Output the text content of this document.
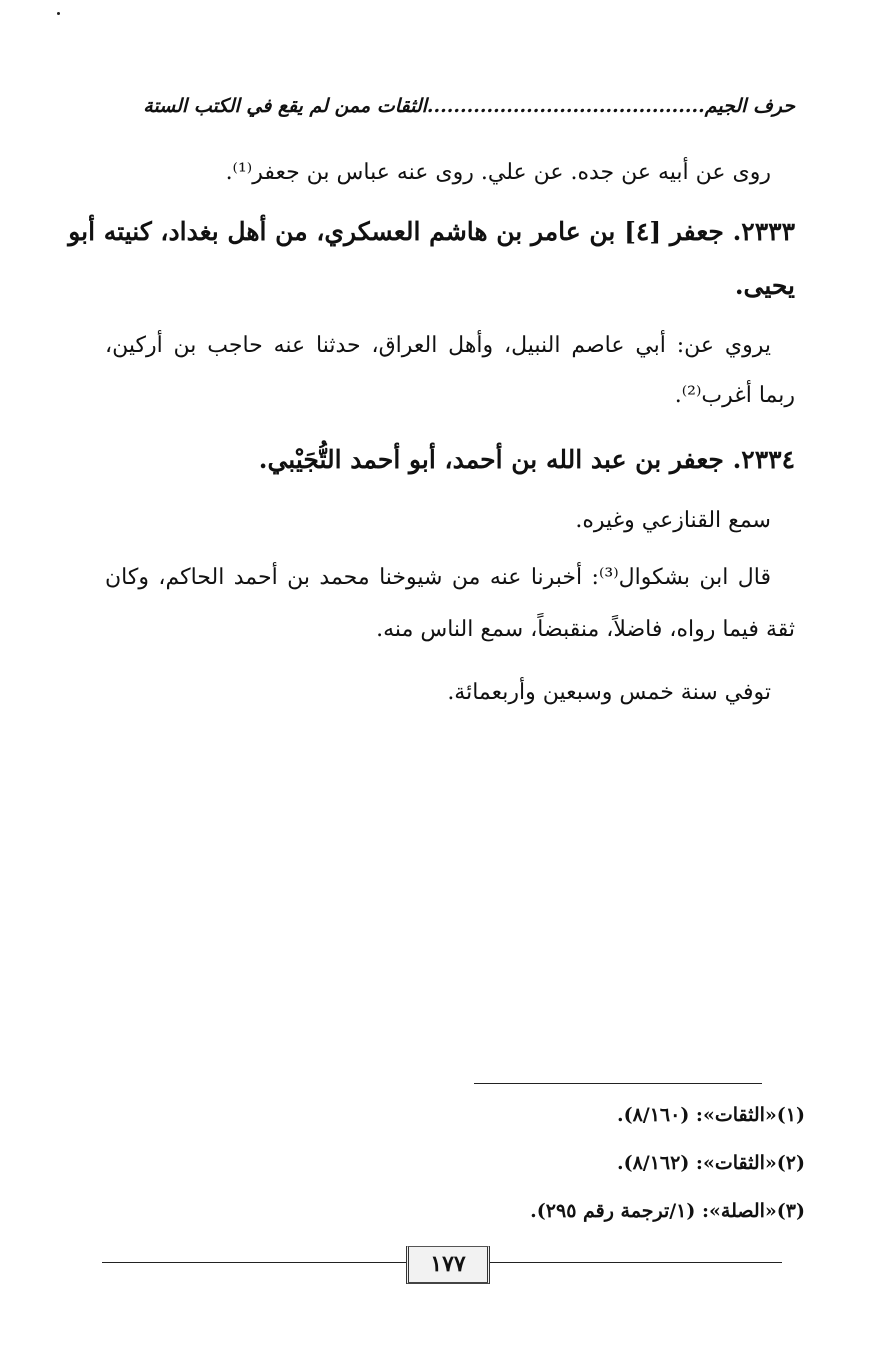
حرف الجيم..........................................الثقات ممن لم يقع في الكتب الستة
روى عن أبيه عن جده. عن علي. روى عنه عباس بن جعفر⁽¹⁾.
٢٣٣٣. جعفر [٤] بن عامر بن هاشم العسكري، من أهل بغداد، كنيته أبو
يحيى.
يروي عن: أبي عاصم النبيل، وأهل العراق، حدثنا عنه حاجب بن أركين،
ربما أغرب⁽²⁾.
٢٣٣٤. جعفر بن عبد الله بن أحمد، أبو أحمد التُّجَيْبي.
سمع القنازعي وغيره.
قال ابن بشكوال⁽³⁾: أخبرنا عنه من شيوخنا محمد بن أحمد الحاكم، وكان
ثقة فيما رواه، فاضلاً، منقبضاً، سمع الناس منه.
توفي سنة خمس وسبعين وأربعمائة.
(١)«الثقات»: (٨/١٦٠).
(٢)«الثقات»: (٨/١٦٢).
(٣)«الصلة»: (١/ترجمة رقم ٢٩٥).
١٧٧
